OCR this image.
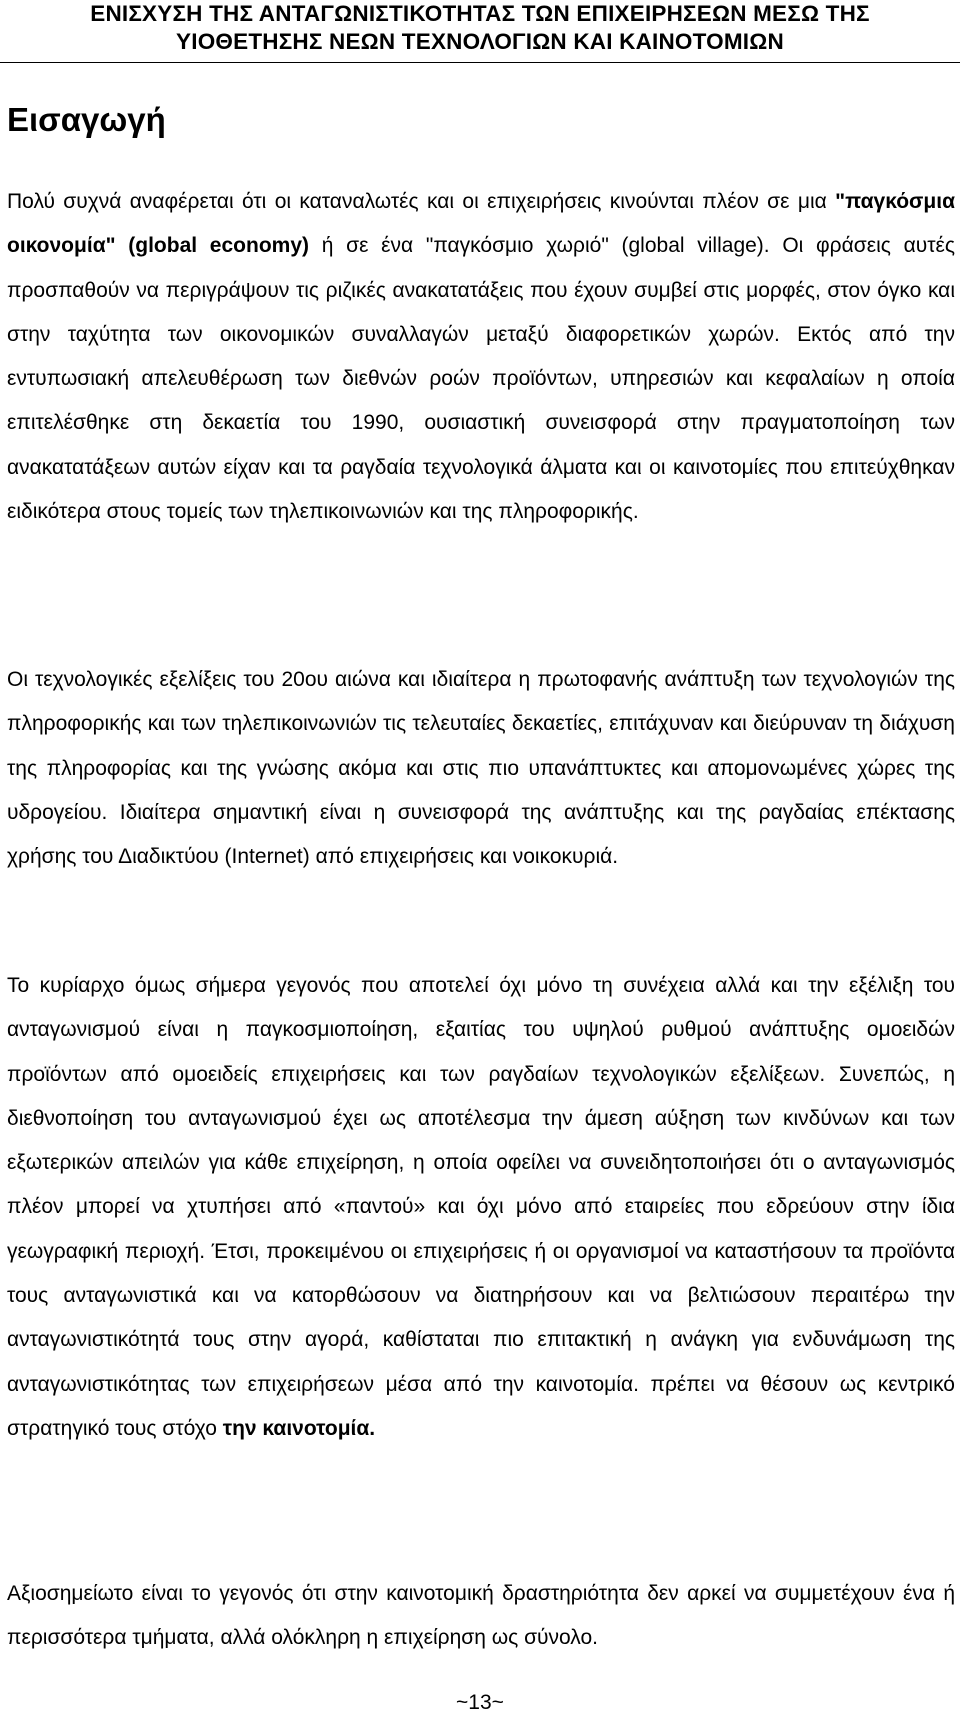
ΕΝΙΣΧΥΣΗ ΤΗΣ ΑΝΤΑΓΩΝΙΣΤΙΚΟΤΗΤΑΣ ΤΩΝ ΕΠΙΧΕΙΡΗΣΕΩΝ ΜΕΣΩ ΤΗΣ
ΥΙΟΘΕΤΗΣΗΣ ΝΕΩΝ ΤΕΧΝΟΛΟΓΙΩΝ ΚΑΙ ΚΑΙΝΟΤΟΜΙΩΝ
Εισαγωγή

Πολύ συχνά αναφέρεται ότι οι καταναλωτές και οι επιχειρήσεις κινούνται πλέον σε μια "παγκόσμια οικονομία" (global economy) ή σε ένα "παγκόσμιο χωριό" (global village). Οι φράσεις αυτές προσπαθούν να περιγράψουν τις ριζικές ανακατατάξεις που έχουν συμβεί στις μορφές, στον όγκο και στην ταχύτητα των οικονομικών συναλλαγών μεταξύ διαφορετικών χωρών. Εκτός από την εντυπωσιακή απελευθέρωση των διεθνών ροών προϊόντων, υπηρεσιών και κεφαλαίων η οποία επιτελέσθηκε στη δεκαετία του 1990, ουσιαστική συνεισφορά στην πραγματοποίηση των ανακατατάξεων αυτών είχαν και τα ραγδαία τεχνολογικά άλματα και οι καινοτομίες που επιτεύχθηκαν ειδικότερα στους τομείς των τηλεπικοινωνιών και της πληροφορικής.

Οι τεχνολογικές εξελίξεις του 20ου αιώνα και ιδιαίτερα η πρωτοφανής ανάπτυξη των τεχνολογιών της πληροφορικής και των τηλεπικοινωνιών τις τελευταίες δεκαετίες, επιτάχυναν και διεύρυναν τη διάχυση της πληροφορίας και της γνώσης ακόμα και στις πιο υπανάπτυκτες και απομονωμένες χώρες της υδρογείου. Ιδιαίτερα σημαντική είναι η συνεισφορά της ανάπτυξης και της ραγδαίας επέκτασης χρήσης του Διαδικτύου (Internet) από επιχειρήσεις και νοικοκυριά.

Το κυρίαρχο όμως σήμερα γεγονός που αποτελεί όχι μόνο τη συνέχεια αλλά και την εξέλιξη του ανταγωνισμού είναι η παγκοσμιοποίηση, εξαιτίας του υψηλού ρυθμού ανάπτυξης ομοειδών προϊόντων από ομοειδείς επιχειρήσεις και των ραγδαίων τεχνολογικών εξελίξεων. Συνεπώς, η διεθνοποίηση του ανταγωνισμού έχει ως αποτέλεσμα την άμεση αύξηση των κινδύνων και των εξωτερικών απειλών για κάθε επιχείρηση, η οποία οφείλει να συνειδητοποιήσει ότι ο ανταγωνισμός πλέον μπορεί να χτυπήσει από «παντού» και όχι μόνο από εταιρείες που εδρεύουν στην ίδια γεωγραφική περιοχή. Έτσι, προκειμένου οι επιχειρήσεις ή οι οργανισμοί να καταστήσουν τα προϊόντα τους ανταγωνιστικά και να κατορθώσουν να διατηρήσουν και να βελτιώσουν περαιτέρω την ανταγωνιστικότητά τους στην αγορά, καθίσταται πιο επιτακτική η ανάγκη για ενδυνάμωση της ανταγωνιστικότητας των επιχειρήσεων μέσα από την καινοτομία. πρέπει να θέσουν ως κεντρικό στρατηγικό τους στόχο την καινοτομία.

Αξιοσημείωτο είναι το γεγονός ότι στην καινοτομική δραστηριότητα δεν αρκεί να συμμετέχουν ένα ή περισσότερα τμήματα, αλλά ολόκληρη η επιχείρηση ως σύνολο.

~13~
